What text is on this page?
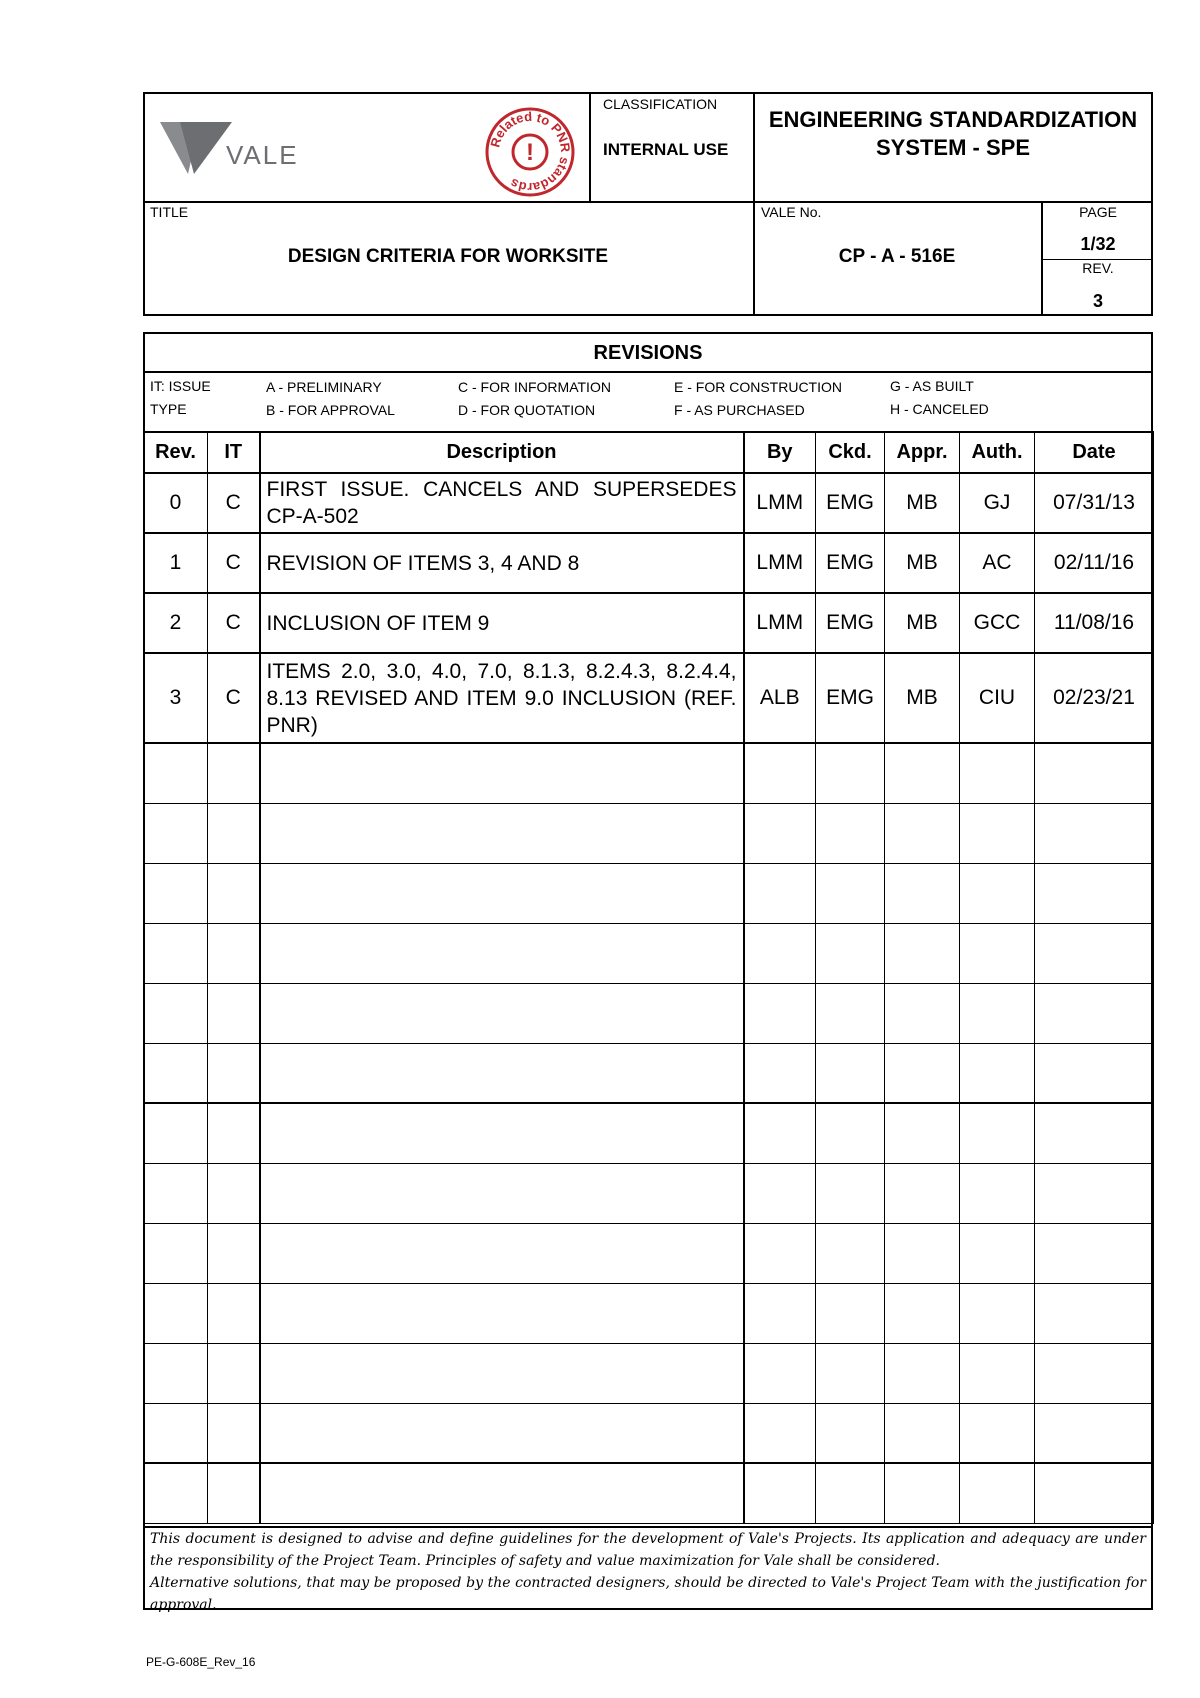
VALE	!
Related to PNR standards
CLASSIFICATION
INTERNAL USE
ENGINEERING STANDARDIZATION SYSTEM - SPE
TITLE
DESIGN CRITERIA FOR WORKSITE
VALE No.
CP - A - 516E
PAGE
1/32
REV.
3
REVISIONS
IT: ISSUE
TYPE
A - PRELIMINARY
B - FOR APPROVAL
C - FOR INFORMATION
D - FOR QUOTATION
E - FOR CONSTRUCTION
F - AS PURCHASED
G - AS BUILT
H - CANCELED
Rev.	IT	Description	By	Ckd.	Appr.	Auth.	Date
0	C	FIRST ISSUE. CANCELS AND SUPERSEDES CP-A-502	LMM	EMG	MB	GJ	07/31/13
1	C	REVISION OF ITEMS 3, 4 AND 8	LMM	EMG	MB	AC	02/11/16
2	C	INCLUSION OF ITEM 9	LMM	EMG	MB	GCC	11/08/16
3	C	ITEMS 2.0, 3.0, 4.0, 7.0, 8.1.3, 8.2.4.3, 8.2.4.4, 8.13 REVISED AND ITEM 9.0 INCLUSION (REF. PNR)	ALB	EMG	MB	CIU	02/23/21

This document is designed to advise and define guidelines for the development of Vale's Projects. Its application and adequacy are under the responsibility of the Project Team. Principles of safety and value maximization for Vale shall be considered.
Alternative solutions, that may be proposed by the contracted designers, should be directed to Vale's Project Team with the justification for approval.
PE-G-608E_Rev_16
